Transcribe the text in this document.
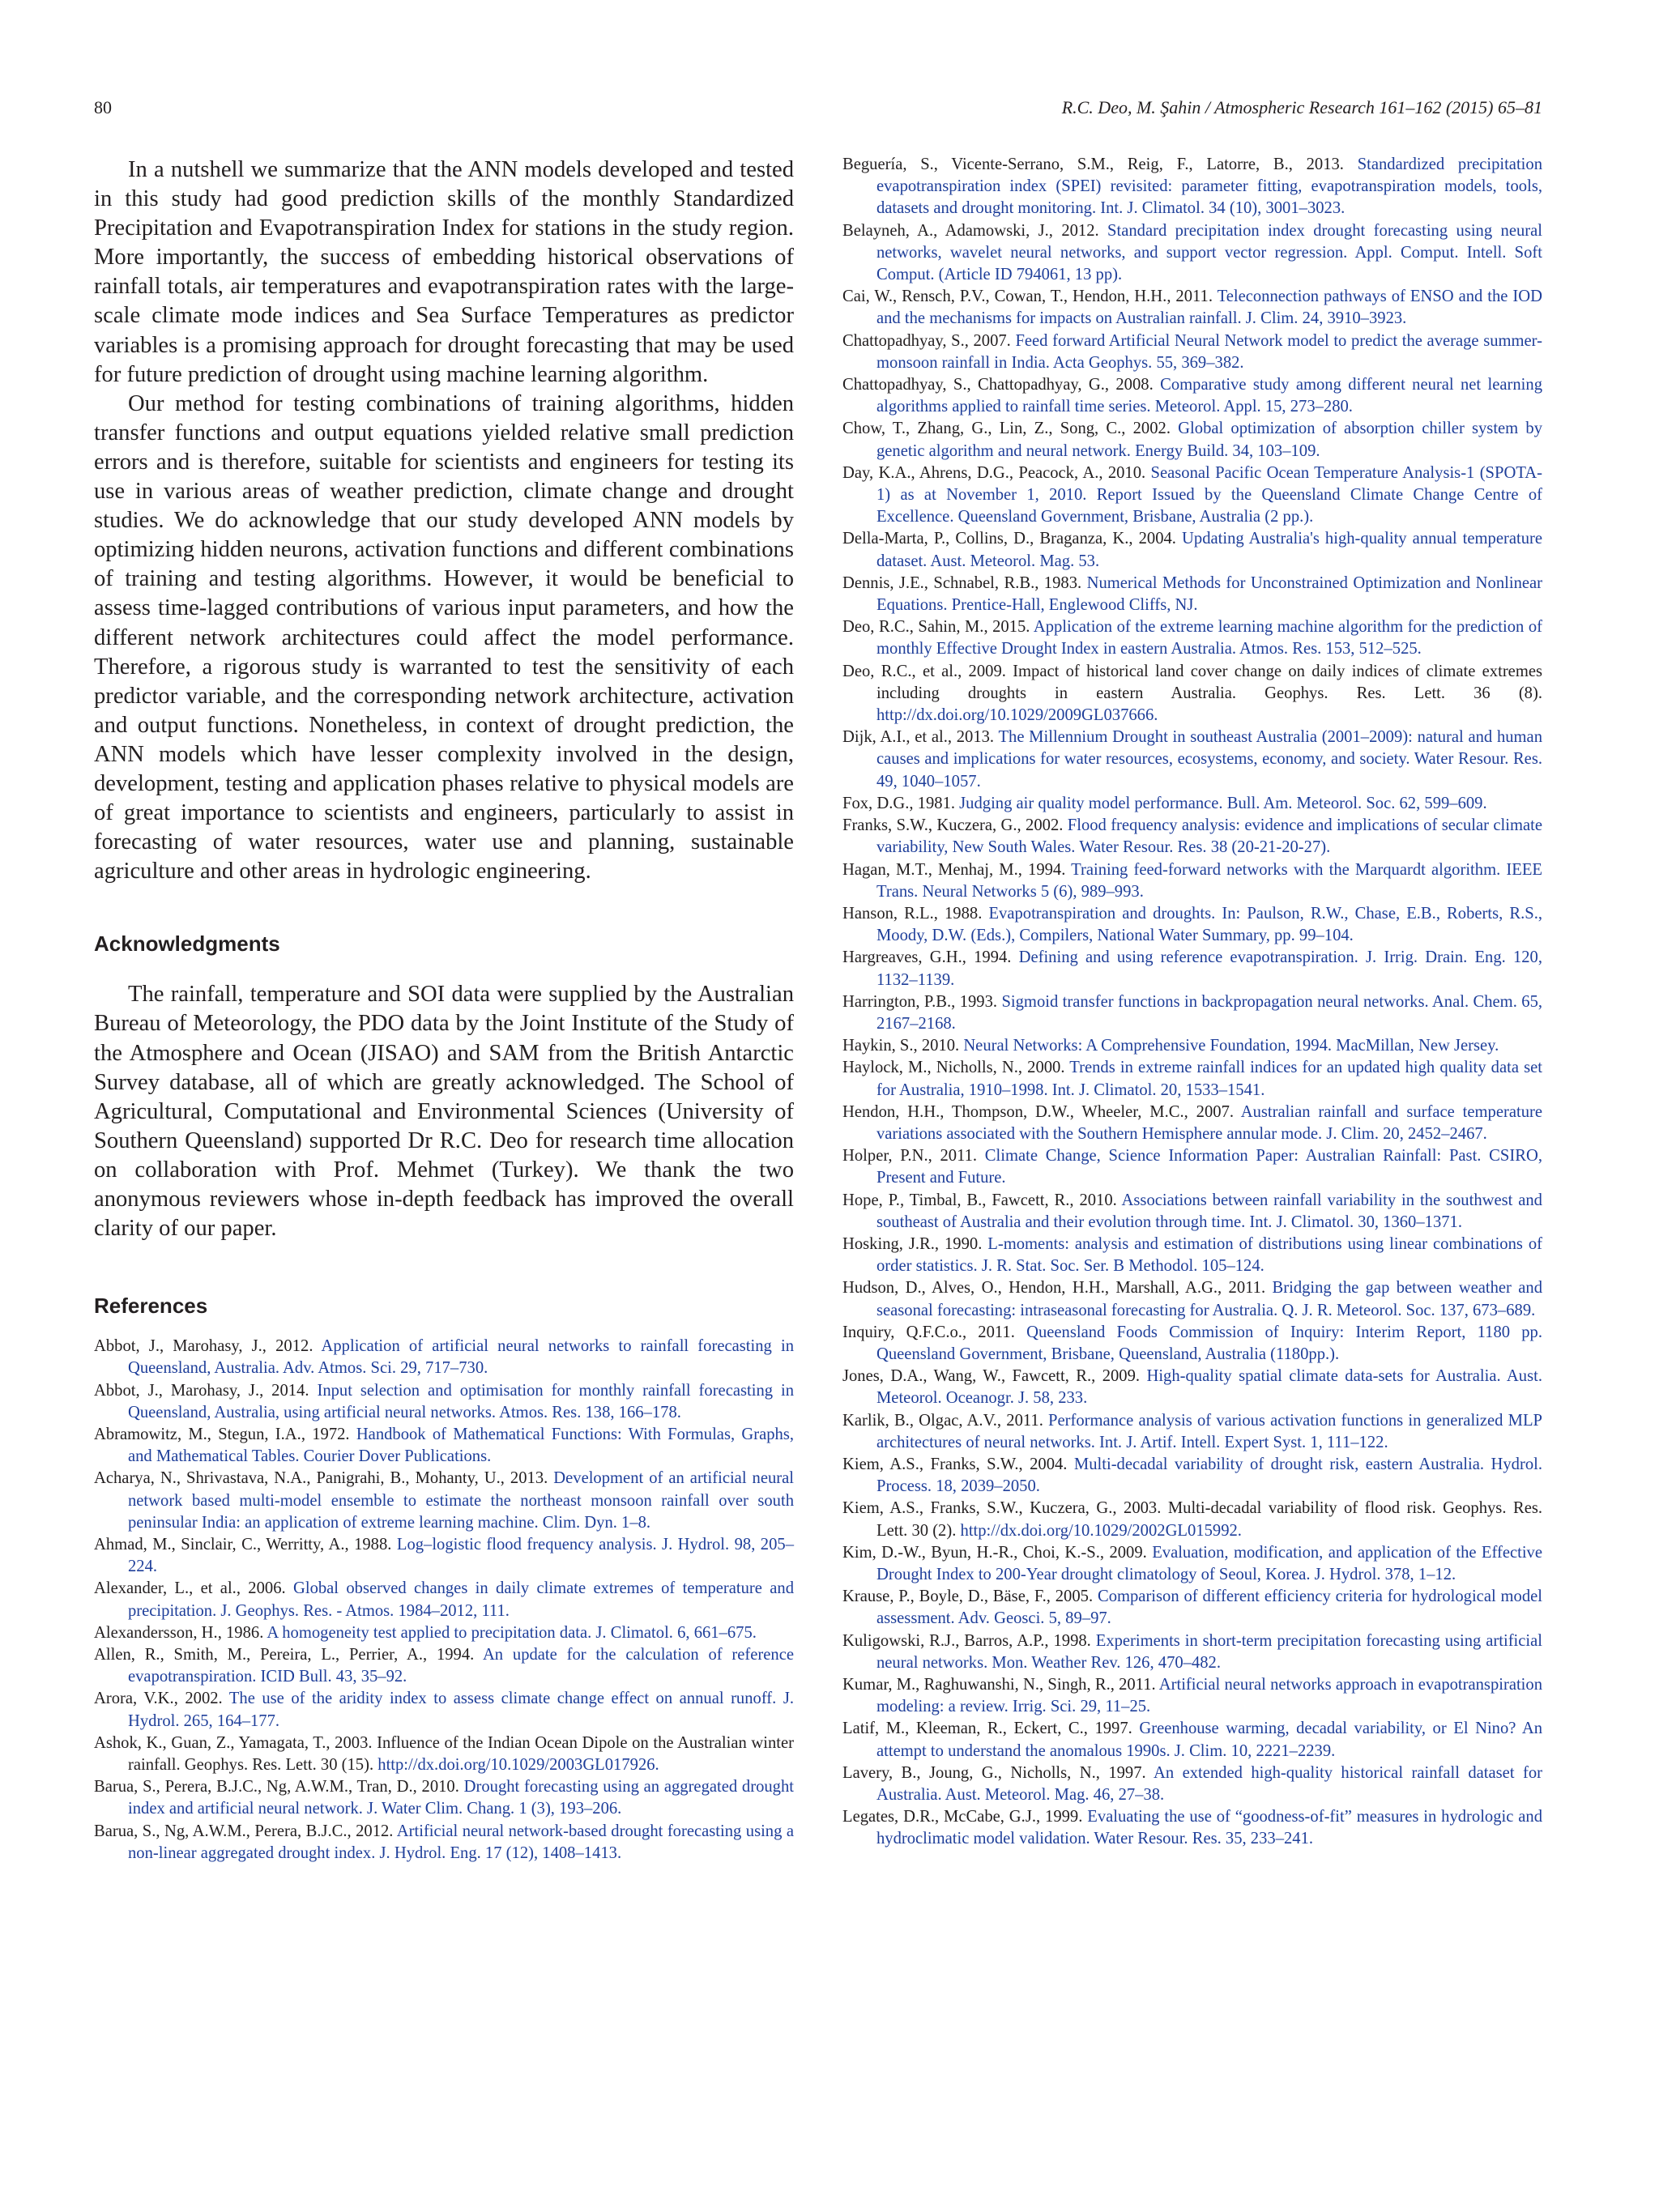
80	R.C. Deo, M. Şahin / Atmospheric Research 161–162 (2015) 65–81

In a nutshell we summarize that the ANN models developed and tested in this study had good prediction skills of the monthly Standardized Precipitation and Evapotranspiration Index for stations in the study region. More importantly, the success of embedding historical observations of rainfall totals, air temperatures and evapotranspiration rates with the large-scale climate mode indices and Sea Surface Temperatures as predictor variables is a promising approach for drought forecasting that may be used for future prediction of drought using machine learning algorithm.

Our method for testing combinations of training algorithms, hidden transfer functions and output equations yielded relative small prediction errors and is therefore, suitable for scientists and engineers for testing its use in various areas of weather prediction, climate change and drought studies. We do acknowledge that our study developed ANN models by optimizing hidden neurons, activation functions and different combinations of training and testing algorithms. However, it would be beneficial to assess time-lagged contributions of various input parameters, and how the different network architectures could affect the model performance. Therefore, a rigorous study is warranted to test the sensitivity of each predictor variable, and the corresponding network architecture, activation and output functions. Nonetheless, in context of drought prediction, the ANN models which have lesser complexity involved in the design, development, testing and application phases relative to physical models are of great importance to scientists and engineers, particularly to assist in forecasting of water resources, water use and planning, sustainable agriculture and other areas in hydrologic engineering.

Acknowledgments

The rainfall, temperature and SOI data were supplied by the Australian Bureau of Meteorology, the PDO data by the Joint Institute of the Study of the Atmosphere and Ocean (JISAO) and SAM from the British Antarctic Survey database, all of which are greatly acknowledged. The School of Agricultural, Computational and Environmental Sciences (University of Southern Queensland) supported Dr R.C. Deo for research time allocation on collaboration with Prof. Mehmet (Turkey). We thank the two anonymous reviewers whose in-depth feedback has improved the overall clarity of our paper.

References
Abbot, J., Marohasy, J., 2012. Application of artificial neural networks to rainfall forecasting in Queensland, Australia. Adv. Atmos. Sci. 29, 717–730.
Abbot, J., Marohasy, J., 2014. Input selection and optimisation for monthly rainfall forecasting in Queensland, Australia, using artificial neural networks. Atmos. Res. 138, 166–178.
Abramowitz, M., Stegun, I.A., 1972. Handbook of Mathematical Functions: With Formulas, Graphs, and Mathematical Tables. Courier Dover Publications.
Acharya, N., Shrivastava, N.A., Panigrahi, B., Mohanty, U., 2013. Development of an artificial neural network based multi-model ensemble to estimate the northeast monsoon rainfall over south peninsular India: an application of extreme learning machine. Clim. Dyn. 1–8.
Ahmad, M., Sinclair, C., Werritty, A., 1988. Log–logistic flood frequency analysis. J. Hydrol. 98, 205–224.
Alexander, L., et al., 2006. Global observed changes in daily climate extremes of temperature and precipitation. J. Geophys. Res. - Atmos. 1984–2012, 111.
Alexandersson, H., 1986. A homogeneity test applied to precipitation data. J. Climatol. 6, 661–675.
Allen, R., Smith, M., Pereira, L., Perrier, A., 1994. An update for the calculation of reference evapotranspiration. ICID Bull. 43, 35–92.
Arora, V.K., 2002. The use of the aridity index to assess climate change effect on annual runoff. J. Hydrol. 265, 164–177.
Ashok, K., Guan, Z., Yamagata, T., 2003. Influence of the Indian Ocean Dipole on the Australian winter rainfall. Geophys. Res. Lett. 30 (15). http://dx.doi.org/10.1029/2003GL017926.
Barua, S., Perera, B.J.C., Ng, A.W.M., Tran, D., 2010. Drought forecasting using an aggregated drought index and artificial neural network. J. Water Clim. Chang. 1 (3), 193–206.
Barua, S., Ng, A.W.M., Perera, B.J.C., 2012. Artificial neural network-based drought forecasting using a non-linear aggregated drought index. J. Hydrol. Eng. 17 (12), 1408–1413.
Beguería, S., Vicente-Serrano, S.M., Reig, F., Latorre, B., 2013. Standardized precipitation evapotranspiration index (SPEI) revisited: parameter fitting, evapotranspiration models, tools, datasets and drought monitoring. Int. J. Climatol. 34 (10), 3001–3023.
Belayneh, A., Adamowski, J., 2012. Standard precipitation index drought forecasting using neural networks, wavelet neural networks, and support vector regression. Appl. Comput. Intell. Soft Comput. (Article ID 794061, 13 pp).
Cai, W., Rensch, P.V., Cowan, T., Hendon, H.H., 2011. Teleconnection pathways of ENSO and the IOD and the mechanisms for impacts on Australian rainfall. J. Clim. 24, 3910–3923.
Chattopadhyay, S., 2007. Feed forward Artificial Neural Network model to predict the average summer-monsoon rainfall in India. Acta Geophys. 55, 369–382.
Chattopadhyay, S., Chattopadhyay, G., 2008. Comparative study among different neural net learning algorithms applied to rainfall time series. Meteorol. Appl. 15, 273–280.
Chow, T., Zhang, G., Lin, Z., Song, C., 2002. Global optimization of absorption chiller system by genetic algorithm and neural network. Energy Build. 34, 103–109.
Day, K.A., Ahrens, D.G., Peacock, A., 2010. Seasonal Pacific Ocean Temperature Analysis-1 (SPOTA-1) as at November 1, 2010. Report Issued by the Queensland Climate Change Centre of Excellence. Queensland Government, Brisbane, Australia (2 pp.).
Della-Marta, P., Collins, D., Braganza, K., 2004. Updating Australia's high-quality annual temperature dataset. Aust. Meteorol. Mag. 53.
Dennis, J.E., Schnabel, R.B., 1983. Numerical Methods for Unconstrained Optimization and Nonlinear Equations. Prentice-Hall, Englewood Cliffs, NJ.
Deo, R.C., Sahin, M., 2015. Application of the extreme learning machine algorithm for the prediction of monthly Effective Drought Index in eastern Australia. Atmos. Res. 153, 512–525.
Deo, R.C., et al., 2009. Impact of historical land cover change on daily indices of climate extremes including droughts in eastern Australia. Geophys. Res. Lett. 36 (8). http://dx.doi.org/10.1029/2009GL037666.
Dijk, A.I., et al., 2013. The Millennium Drought in southeast Australia (2001–2009): natural and human causes and implications for water resources, ecosystems, economy, and society. Water Resour. Res. 49, 1040–1057.
Fox, D.G., 1981. Judging air quality model performance. Bull. Am. Meteorol. Soc. 62, 599–609.
Franks, S.W., Kuczera, G., 2002. Flood frequency analysis: evidence and implications of secular climate variability, New South Wales. Water Resour. Res. 38 (20-21-20-27).
Hagan, M.T., Menhaj, M., 1994. Training feed-forward networks with the Marquardt algorithm. IEEE Trans. Neural Networks 5 (6), 989–993.
Hanson, R.L., 1988. Evapotranspiration and droughts. In: Paulson, R.W., Chase, E.B., Roberts, R.S., Moody, D.W. (Eds.), Compilers, National Water Summary, pp. 99–104.
Hargreaves, G.H., 1994. Defining and using reference evapotranspiration. J. Irrig. Drain. Eng. 120, 1132–1139.
Harrington, P.B., 1993. Sigmoid transfer functions in backpropagation neural networks. Anal. Chem. 65, 2167–2168.
Haykin, S., 2010. Neural Networks: A Comprehensive Foundation, 1994. MacMillan, New Jersey.
Haylock, M., Nicholls, N., 2000. Trends in extreme rainfall indices for an updated high quality data set for Australia, 1910–1998. Int. J. Climatol. 20, 1533–1541.
Hendon, H.H., Thompson, D.W., Wheeler, M.C., 2007. Australian rainfall and surface temperature variations associated with the Southern Hemisphere annular mode. J. Clim. 20, 2452–2467.
Holper, P.N., 2011. Climate Change, Science Information Paper: Australian Rainfall: Past. CSIRO, Present and Future.
Hope, P., Timbal, B., Fawcett, R., 2010. Associations between rainfall variability in the southwest and southeast of Australia and their evolution through time. Int. J. Climatol. 30, 1360–1371.
Hosking, J.R., 1990. L-moments: analysis and estimation of distributions using linear combinations of order statistics. J. R. Stat. Soc. Ser. B Methodol. 105–124.
Hudson, D., Alves, O., Hendon, H.H., Marshall, A.G., 2011. Bridging the gap between weather and seasonal forecasting: intraseasonal forecasting for Australia. Q. J. R. Meteorol. Soc. 137, 673–689.
Inquiry, Q.F.C.o., 2011. Queensland Foods Commission of Inquiry: Interim Report, 1180 pp. Queensland Government, Brisbane, Queensland, Australia (1180pp.).
Jones, D.A., Wang, W., Fawcett, R., 2009. High-quality spatial climate data-sets for Australia. Aust. Meteorol. Oceanogr. J. 58, 233.
Karlik, B., Olgac, A.V., 2011. Performance analysis of various activation functions in generalized MLP architectures of neural networks. Int. J. Artif. Intell. Expert Syst. 1, 111–122.
Kiem, A.S., Franks, S.W., 2004. Multi-decadal variability of drought risk, eastern Australia. Hydrol. Process. 18, 2039–2050.
Kiem, A.S., Franks, S.W., Kuczera, G., 2003. Multi-decadal variability of flood risk. Geophys. Res. Lett. 30 (2). http://dx.doi.org/10.1029/2002GL015992.
Kim, D.-W., Byun, H.-R., Choi, K.-S., 2009. Evaluation, modification, and application of the Effective Drought Index to 200-Year drought climatology of Seoul, Korea. J. Hydrol. 378, 1–12.
Krause, P., Boyle, D., Bäse, F., 2005. Comparison of different efficiency criteria for hydrological model assessment. Adv. Geosci. 5, 89–97.
Kuligowski, R.J., Barros, A.P., 1998. Experiments in short-term precipitation forecasting using artificial neural networks. Mon. Weather Rev. 126, 470–482.
Kumar, M., Raghuwanshi, N., Singh, R., 2011. Artificial neural networks approach in evapotranspiration modeling: a review. Irrig. Sci. 29, 11–25.
Latif, M., Kleeman, R., Eckert, C., 1997. Greenhouse warming, decadal variability, or El Nino? An attempt to understand the anomalous 1990s. J. Clim. 10, 2221–2239.
Lavery, B., Joung, G., Nicholls, N., 1997. An extended high-quality historical rainfall dataset for Australia. Aust. Meteorol. Mag. 46, 27–38.
Legates, D.R., McCabe, G.J., 1999. Evaluating the use of “goodness-of-fit” measures in hydrologic and hydroclimatic model validation. Water Resour. Res. 35, 233–241.
